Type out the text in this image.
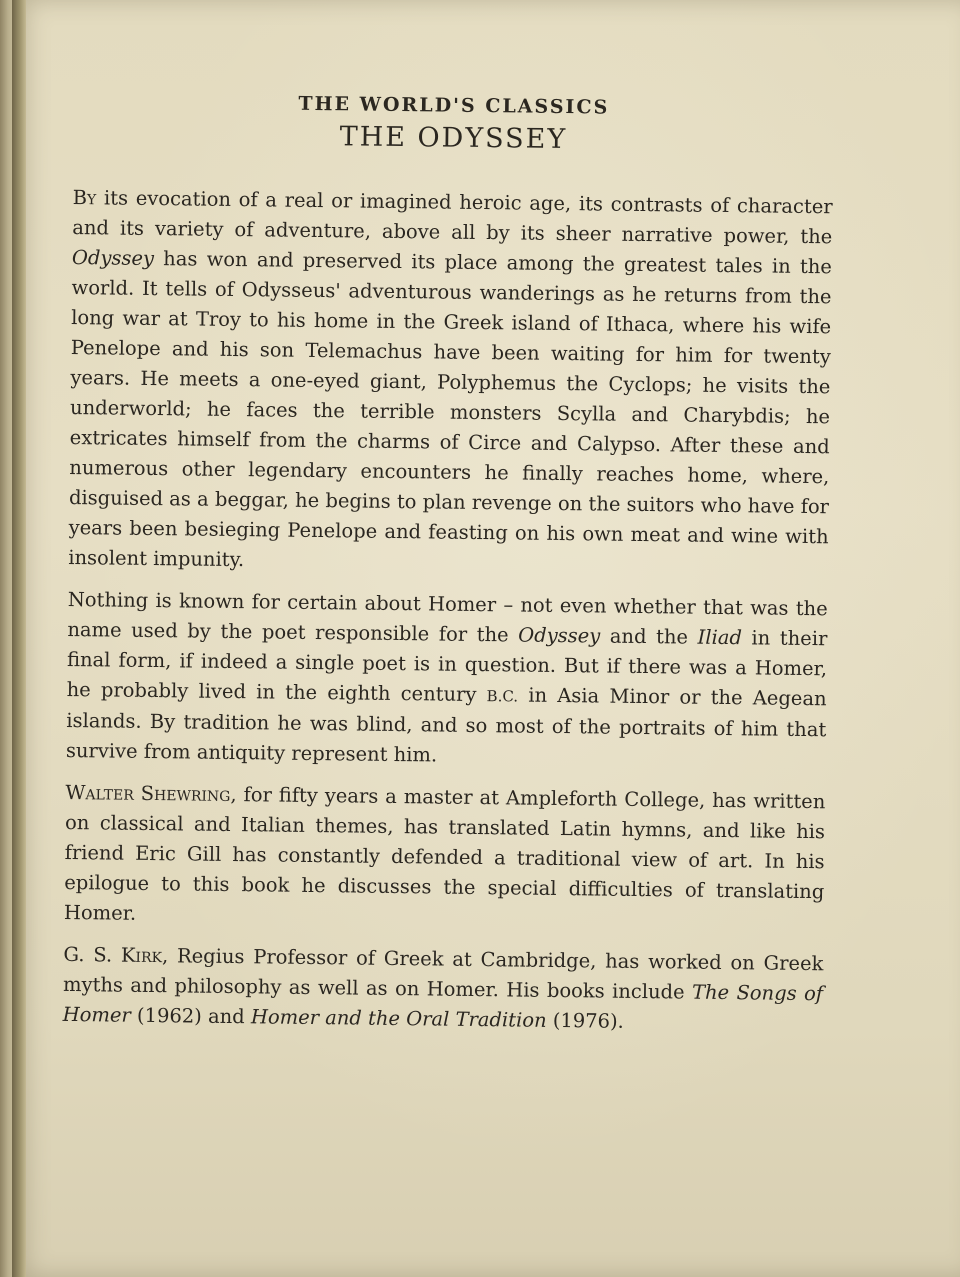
THE WORLD'S CLASSICS
THE ODYSSEY

By its evocation of a real or imagined heroic age, its contrasts of character and its variety of adventure, above all by its sheer narrative power, the Odyssey has won and preserved its place among the greatest tales in the world. It tells of Odysseus' adventurous wanderings as he returns from the long war at Troy to his home in the Greek island of Ithaca, where his wife Penelope and his son Telemachus have been waiting for him for twenty years. He meets a one-eyed giant, Polyphemus the Cyclops; he visits the underworld; he faces the terrible monsters Scylla and Charybdis; he extricates himself from the charms of Circe and Calypso. After these and numerous other legendary encounters he finally reaches home, where, disguised as a beggar, he begins to plan revenge on the suitors who have for years been besieging Penelope and feasting on his own meat and wine with insolent impunity.

Nothing is known for certain about Homer – not even whether that was the name used by the poet responsible for the Odyssey and the Iliad in their final form, if indeed a single poet is in question. But if there was a Homer, he probably lived in the eighth century B.C. in Asia Minor or the Aegean islands. By tradition he was blind, and so most of the portraits of him that survive from antiquity represent him.

Walter Shewring, for fifty years a master at Ampleforth College, has written on classical and Italian themes, has translated Latin hymns, and like his friend Eric Gill has constantly defended a traditional view of art. In his epilogue to this book he discusses the special difficulties of translating Homer.

G. S. Kirk, Regius Professor of Greek at Cambridge, has worked on Greek myths and philosophy as well as on Homer. His books include The Songs of Homer (1962) and Homer and the Oral Tradition (1976).
